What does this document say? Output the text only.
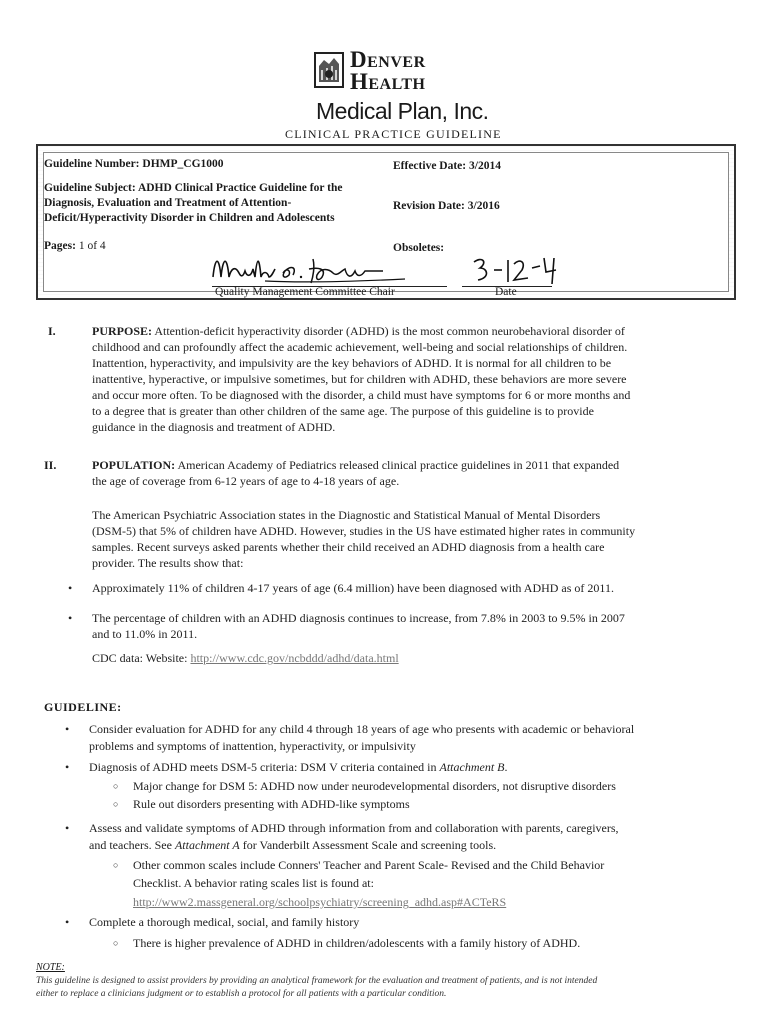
Denver
Health
Medical Plan, Inc.
CLINICAL PRACTICE GUIDELINE
Guideline Number: DHMP_CG1000	Effective Date: 3/2014
Guideline Subject: ADHD Clinical Practice Guideline for the
Diagnosis, Evaluation and Treatment of Attention-
Deficit/Hyperactivity Disorder in Children and Adolescents
Revision Date: 3/2016
Pages: 1 of 4	Obsoletes:
Quality Management Committee Chair	Date
I.	PURPOSE: Attention-deficit hyperactivity disorder (ADHD) is the most common neurobehavioral disorder of
childhood and can profoundly affect the academic achievement, well-being and social relationships of children.
Inattention, hyperactivity, and impulsivity are the key behaviors of ADHD. It is normal for all children to be
inattentive, hyperactive, or impulsive sometimes, but for children with ADHD, these behaviors are more severe
and occur more often. To be diagnosed with the disorder, a child must have symptoms for 6 or more months and
to a degree that is greater than other children of the same age. The purpose of this guideline is to provide
guidance in the diagnosis and treatment of ADHD.
II.	POPULATION: American Academy of Pediatrics released clinical practice guidelines in 2011 that expanded
the age of coverage from 6-12 years of age to 4-18 years of age.
The American Psychiatric Association states in the Diagnostic and Statistical Manual of Mental Disorders
(DSM-5) that 5% of children have ADHD. However, studies in the US have estimated higher rates in community
samples. Recent surveys asked parents whether their child received an ADHD diagnosis from a health care
provider. The results show that:
• Approximately 11% of children 4-17 years of age (6.4 million) have been diagnosed with ADHD as of 2011.
• The percentage of children with an ADHD diagnosis continues to increase, from 7.8% in 2003 to 9.5% in 2007
and to 11.0% in 2011.
CDC data: Website: http://www.cdc.gov/ncbddd/adhd/data.html
GUIDELINE:
• Consider evaluation for ADHD for any child 4 through 18 years of age who presents with academic or behavioral
problems and symptoms of inattention, hyperactivity, or impulsivity
• Diagnosis of ADHD meets DSM-5 criteria: DSM V criteria contained in Attachment B.
○ Major change for DSM 5: ADHD now under neurodevelopmental disorders, not disruptive disorders
○ Rule out disorders presenting with ADHD-like symptoms
• Assess and validate symptoms of ADHD through information from and collaboration with parents, caregivers,
and teachers. See Attachment A for Vanderbilt Assessment Scale and screening tools.
○ Other common scales include Conners' Teacher and Parent Scale- Revised and the Child Behavior
Checklist. A behavior rating scales list is found at:
http://www2.massgeneral.org/schoolpsychiatry/screening_adhd.asp#ACTeRS
• Complete a thorough medical, social, and family history
○ There is higher prevalence of ADHD in children/adolescents with a family history of ADHD.
NOTE:
This guideline is designed to assist providers by providing an analytical framework for the evaluation and treatment of patients, and is not intended
either to replace a clinicians judgment or to establish a protocol for all patients with a particular condition.
